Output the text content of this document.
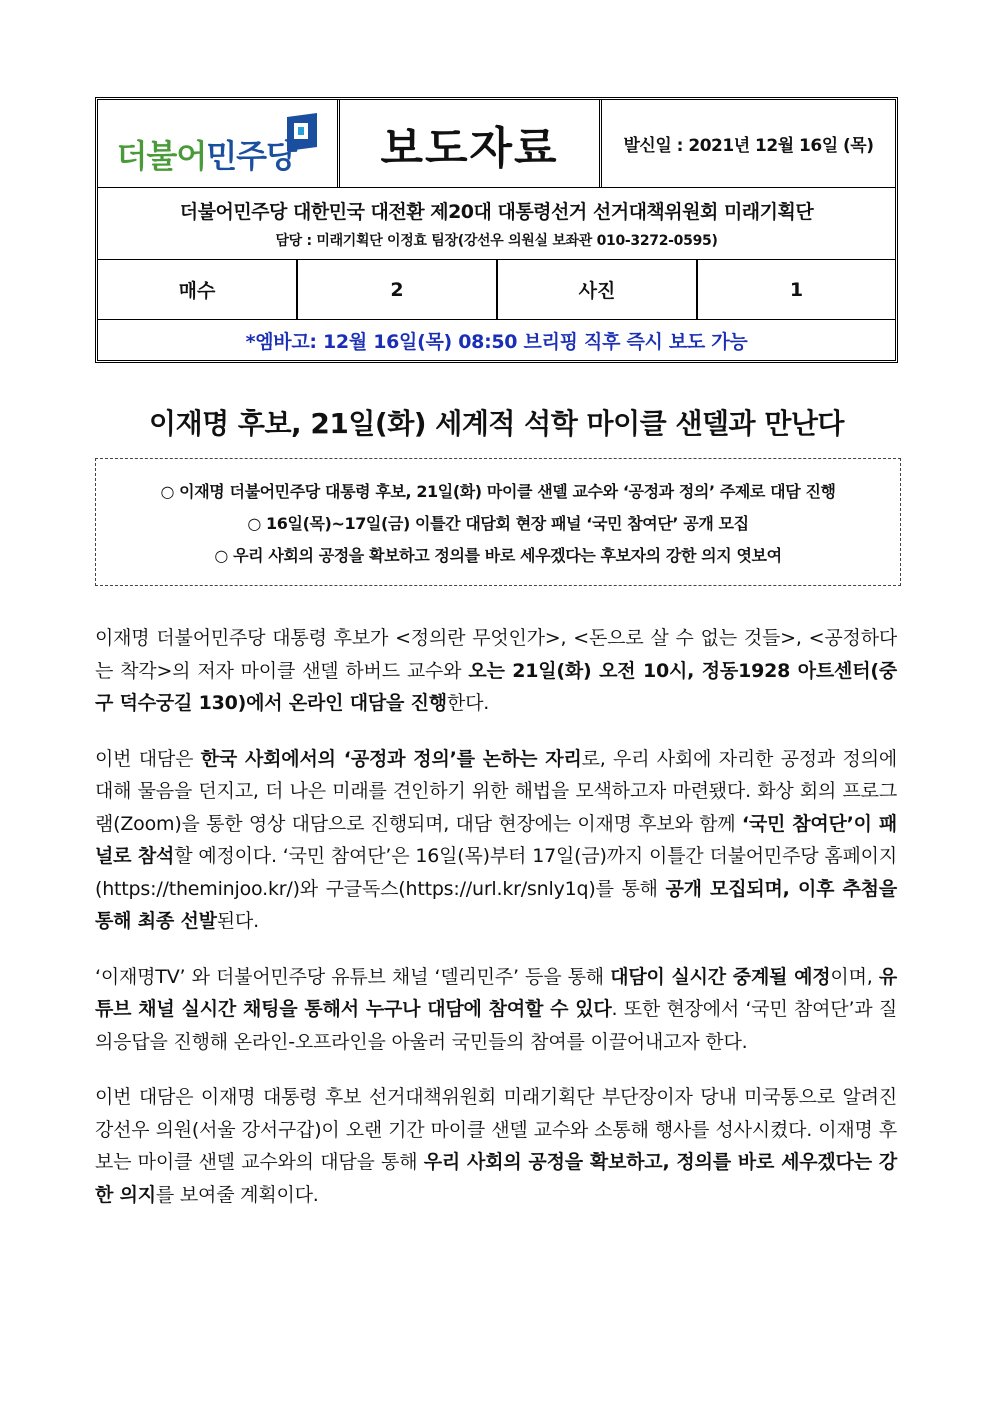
더불어민주당 보도자료	발신일 : 2021년 12월 16일 (목)
더불어민주당 대한민국 대전환 제20대 대통령선거 선거대책위원회 미래기획단
담당 : 미래기획단 이정효 팀장(강선우 의원실 보좌관 010-3272-0595)
매수	2	사진	1
*엠바고: 12월 16일(목) 08:50 브리핑 직후 즉시 보도 가능
이재명 후보, 21일(화) 세계적 석학 마이클 샌델과 만난다
○ 이재명 더불어민주당 대통령 후보, 21일(화) 마이클 샌델 교수와 ‘공정과 정의’ 주제로 대담 진행
○ 16일(목)~17일(금) 이틀간 대담회 현장 패널 ‘국민 참여단’ 공개 모집
○ 우리 사회의 공정을 확보하고 정의를 바로 세우겠다는 후보자의 강한 의지 엿보여

이재명 더불어민주당 대통령 후보가 <정의란 무엇인가>, <돈으로 살 수 없는 것들>, <공정하다는 착각>의 저자 마이클 샌델 하버드 교수와 오는 21일(화) 오전 10시, 정동1928 아트센터(중구 덕수궁길 130)에서 온라인 대담을 진행한다.

이번 대담은 한국 사회에서의 ‘공정과 정의’를 논하는 자리로, 우리 사회에 자리한 공정과 정의에 대해 물음을 던지고, 더 나은 미래를 견인하기 위한 해법을 모색하고자 마련됐다. 화상 회의 프로그램(Zoom)을 통한 영상 대담으로 진행되며, 대담 현장에는 이재명 후보와 함께 ‘국민 참여단’이 패널로 참석할 예정이다. ‘국민 참여단’은 16일(목)부터 17일(금)까지 이틀간 더불어민주당 홈페이지(https://theminjoo.kr/)와 구글독스(https://url.kr/snly1q)를 통해 공개 모집되며, 이후 추첨을 통해 최종 선발된다.

‘이재명TV’ 와 더불어민주당 유튜브 채널 ‘델리민주’ 등을 통해 대담이 실시간 중계될 예정이며, 유튜브 채널 실시간 채팅을 통해서 누구나 대담에 참여할 수 있다. 또한 현장에서 ‘국민 참여단’과 질의응답을 진행해 온라인-오프라인을 아울러 국민들의 참여를 이끌어내고자 한다.

이번 대담은 이재명 대통령 후보 선거대책위원회 미래기획단 부단장이자 당내 미국통으로 알려진 강선우 의원(서울 강서구갑)이 오랜 기간 마이클 샌델 교수와 소통해 행사를 성사시켰다. 이재명 후보는 마이클 샌델 교수와의 대담을 통해 우리 사회의 공정을 확보하고, 정의를 바로 세우겠다는 강한 의지를 보여줄 계획이다.
